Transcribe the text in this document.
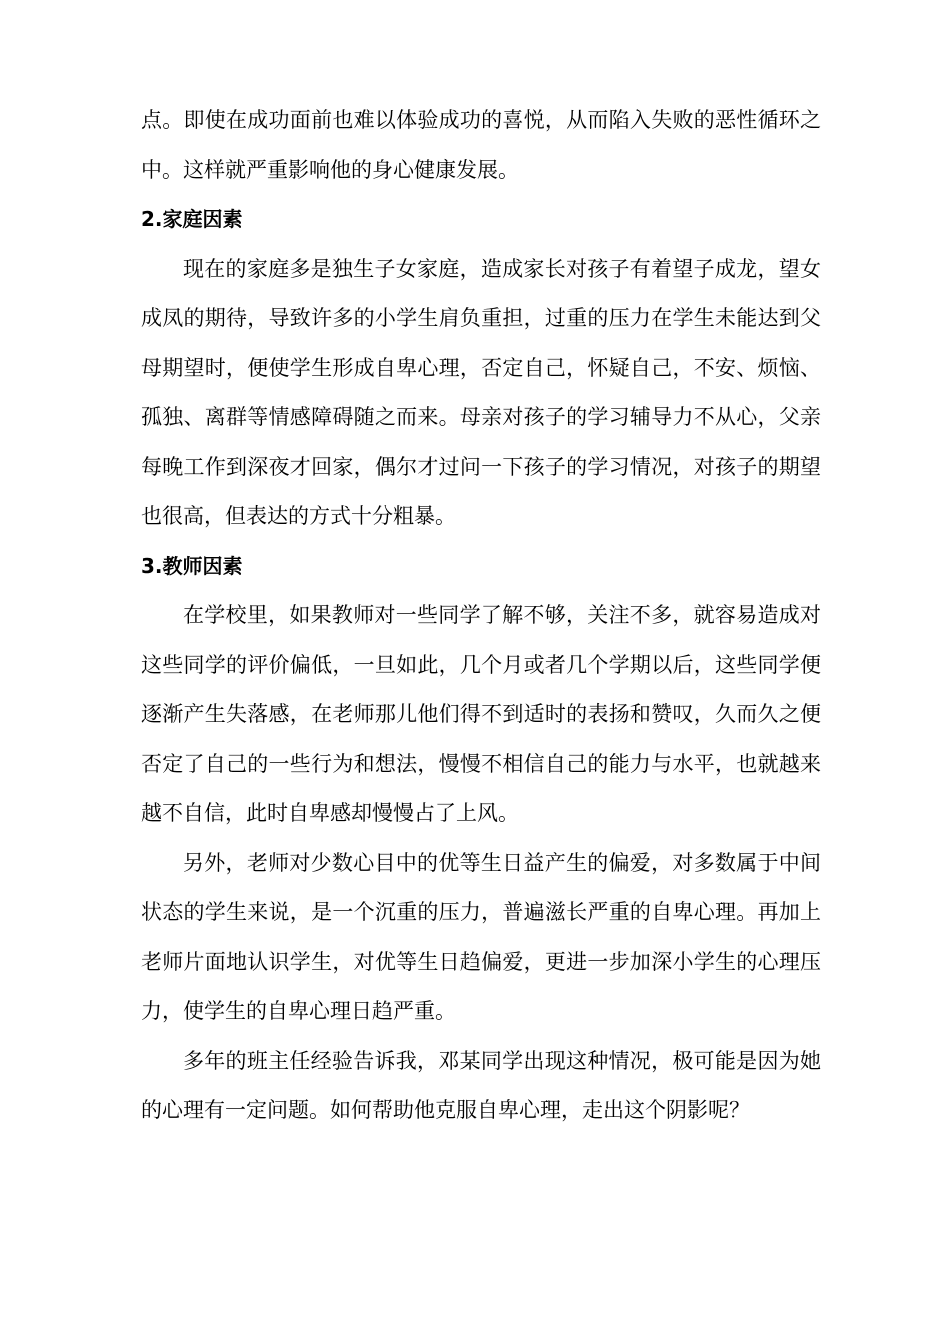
点。即使在成功面前也难以体验成功的喜悦，从而陷入失败的恶性循环之中。这样就严重影响他的身心健康发展。

2.家庭因素

现在的家庭多是独生子女家庭，造成家长对孩子有着望子成龙，望女成凤的期待，导致许多的小学生肩负重担，过重的压力在学生未能达到父母期望时，便使学生形成自卑心理，否定自己，怀疑自己，不安、烦恼、孤独、离群等情感障碍随之而来。母亲对孩子的学习辅导力不从心，父亲每晚工作到深夜才回家，偶尔才过问一下孩子的学习情况，对孩子的期望也很高，但表达的方式十分粗暴。

3.教师因素

在学校里，如果教师对一些同学了解不够，关注不多，就容易造成对这些同学的评价偏低，一旦如此，几个月或者几个学期以后，这些同学便逐渐产生失落感，在老师那儿他们得不到适时的表扬和赞叹，久而久之便否定了自己的一些行为和想法，慢慢不相信自己的能力与水平，也就越来越不自信，此时自卑感却慢慢占了上风。

另外，老师对少数心目中的优等生日益产生的偏爱，对多数属于中间状态的学生来说，是一个沉重的压力，普遍滋长严重的自卑心理。再加上老师片面地认识学生，对优等生日趋偏爱，更进一步加深小学生的心理压力，使学生的自卑心理日趋严重。

多年的班主任经验告诉我，邓某同学出现这种情况，极可能是因为她的心理有一定问题。如何帮助他克服自卑心理，走出这个阴影呢？
